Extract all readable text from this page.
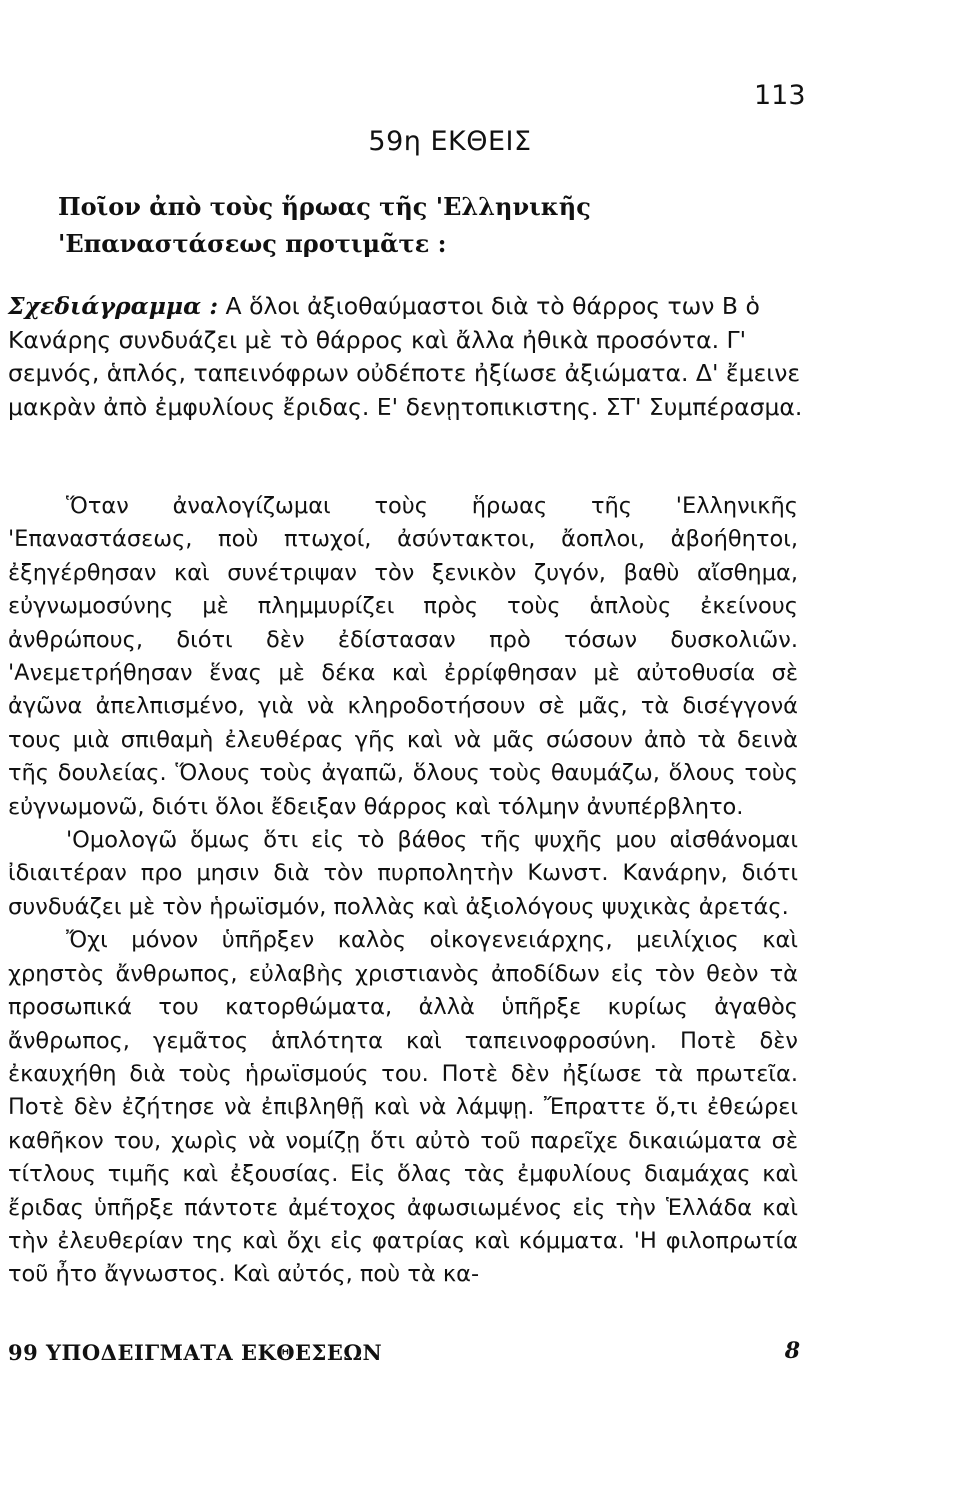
113
59η ΕΚΘΕΙΣ
Ποῖον ἀπὸ τοὺς ἥρωας τῆς 'Ελληνικῆς 'Επαναστάσεως προτιμᾶτε :
Σχεδιάγραμμα : Α ὅλοι ἀξιοθαύμαστοι διὰ τὸ θάρρος των Β ὁ Κανάρης συνδυάζει μὲ τὸ θάρρος καὶ ἄλλα ἠθικὰ προσόντα. Γ' σεμνός, ἁπλός, ταπεινόφρων οὐδέποτε ἠξίωσε ἀξιώματα. Δ' ἔμεινε μακρὰν ἀπὸ ἐμφυλίους ἔριδας. Ε' δενῃτοπικιστης. ΣΤ' Συμπέρασμα.

Ὅταν ἀναλογίζωμαι τοὺς ἥρωας τῆς 'Ελληνικῆς 'Επαναστάσεως, ποὺ πτωχοί, ἀσύντακτοι, ἄοπλοι, ἀβοήθητοι, ἐξηγέρθησαν καὶ συνέτριψαν τὸν ξενικὸν ζυγόν, βαθὺ αἴσθημα, εὐγνωμοσύνης μὲ πλημμυρίζει πρὸς τοὺς ἁπλοὺς ἐκείνους ἀνθρώπους, διότι δὲν ἐδίστασαν πρὸ τόσων δυσκολιῶν. 'Ανεμετρήθησαν ἕνας μὲ δέκα καὶ ἐρρίφθησαν μὲ αὐτοθυσία σὲ ἀγῶνα ἀπελπισμένο, γιὰ νὰ κληροδοτήσουν σὲ μᾶς, τὰ δισέγγονά τους μιὰ σπιθαμὴ ἐλευθέρας γῆς καὶ νὰ μᾶς σώσουν ἀπὸ τὰ δεινὰ τῆς δουλείας. Ὅλους τοὺς ἀγαπῶ, ὅλους τοὺς θαυμάζω, ὅλους τοὺς εὐγνωμονῶ, διότι ὅλοι ἔδειξαν θάρρος καὶ τόλμην ἀνυπέρβλητο.

'Ομολογῶ ὅμως ὅτι εἰς τὸ βάθος τῆς ψυχῆς μου αἰσθάνομαι ἰδιαιτέραν προ μησιν διὰ τὸν πυρπολητὴν Κωνστ. Κανάρην, διότι συνδυάζει μὲ τὸν ἡρωϊσμόν, πολλὰς καὶ ἀξιολόγους ψυχικὰς ἀρετάς.

Ὄχι μόνον ὑπῆρξεν καλὸς οἰκογενειάρχης, μειλίχιος καὶ χρηστὸς ἄνθρωπος, εὐλαβὴς χριστιανὸς ἀποδίδων εἰς τὸν θεὸν τὰ προσωπικά του κατορθώματα, ἀλλὰ ὑπῆρξε κυρίως ἀγαθὸς ἄνθρωπος, γεμᾶτος ἁπλότητα καὶ ταπεινοφροσύνη. Ποτὲ δὲν ἐκαυχήθη διὰ τοὺς ἡρωϊσμούς του. Ποτὲ δὲν ἠξίωσε τὰ πρωτεῖα. Ποτὲ δὲν ἐζήτησε νὰ ἐπιβληθῇ καὶ νὰ λάμψῃ. Ἔπραττε ὅ,τι ἐθεώρει καθῆκον του, χωρὶς νὰ νομίζῃ ὅτι αὐτὸ τοῦ παρεῖχε δικαιώματα σὲ τίτλους τιμῆς καὶ ἐξουσίας. Εἰς ὅλας τὰς ἐμφυλίους διαμάχας καὶ ἔριδας ὑπῆρξε πάντοτε ἀμέτοχος ἀφωσιωμένος εἰς τὴν Ἑλλάδα καὶ τὴν ἐλευθερίαν της καὶ ὄχι εἰς φατρίας καὶ κόμματα. 'Η φιλοπρωτία τοῦ ἦτο ἄγνωστος. Καὶ αὐτός, ποὺ τὰ κα-

99 ΥΠΟΔΕΙΓΜΑΤΑ ΕΚΘΕΣΕΩΝ	8
